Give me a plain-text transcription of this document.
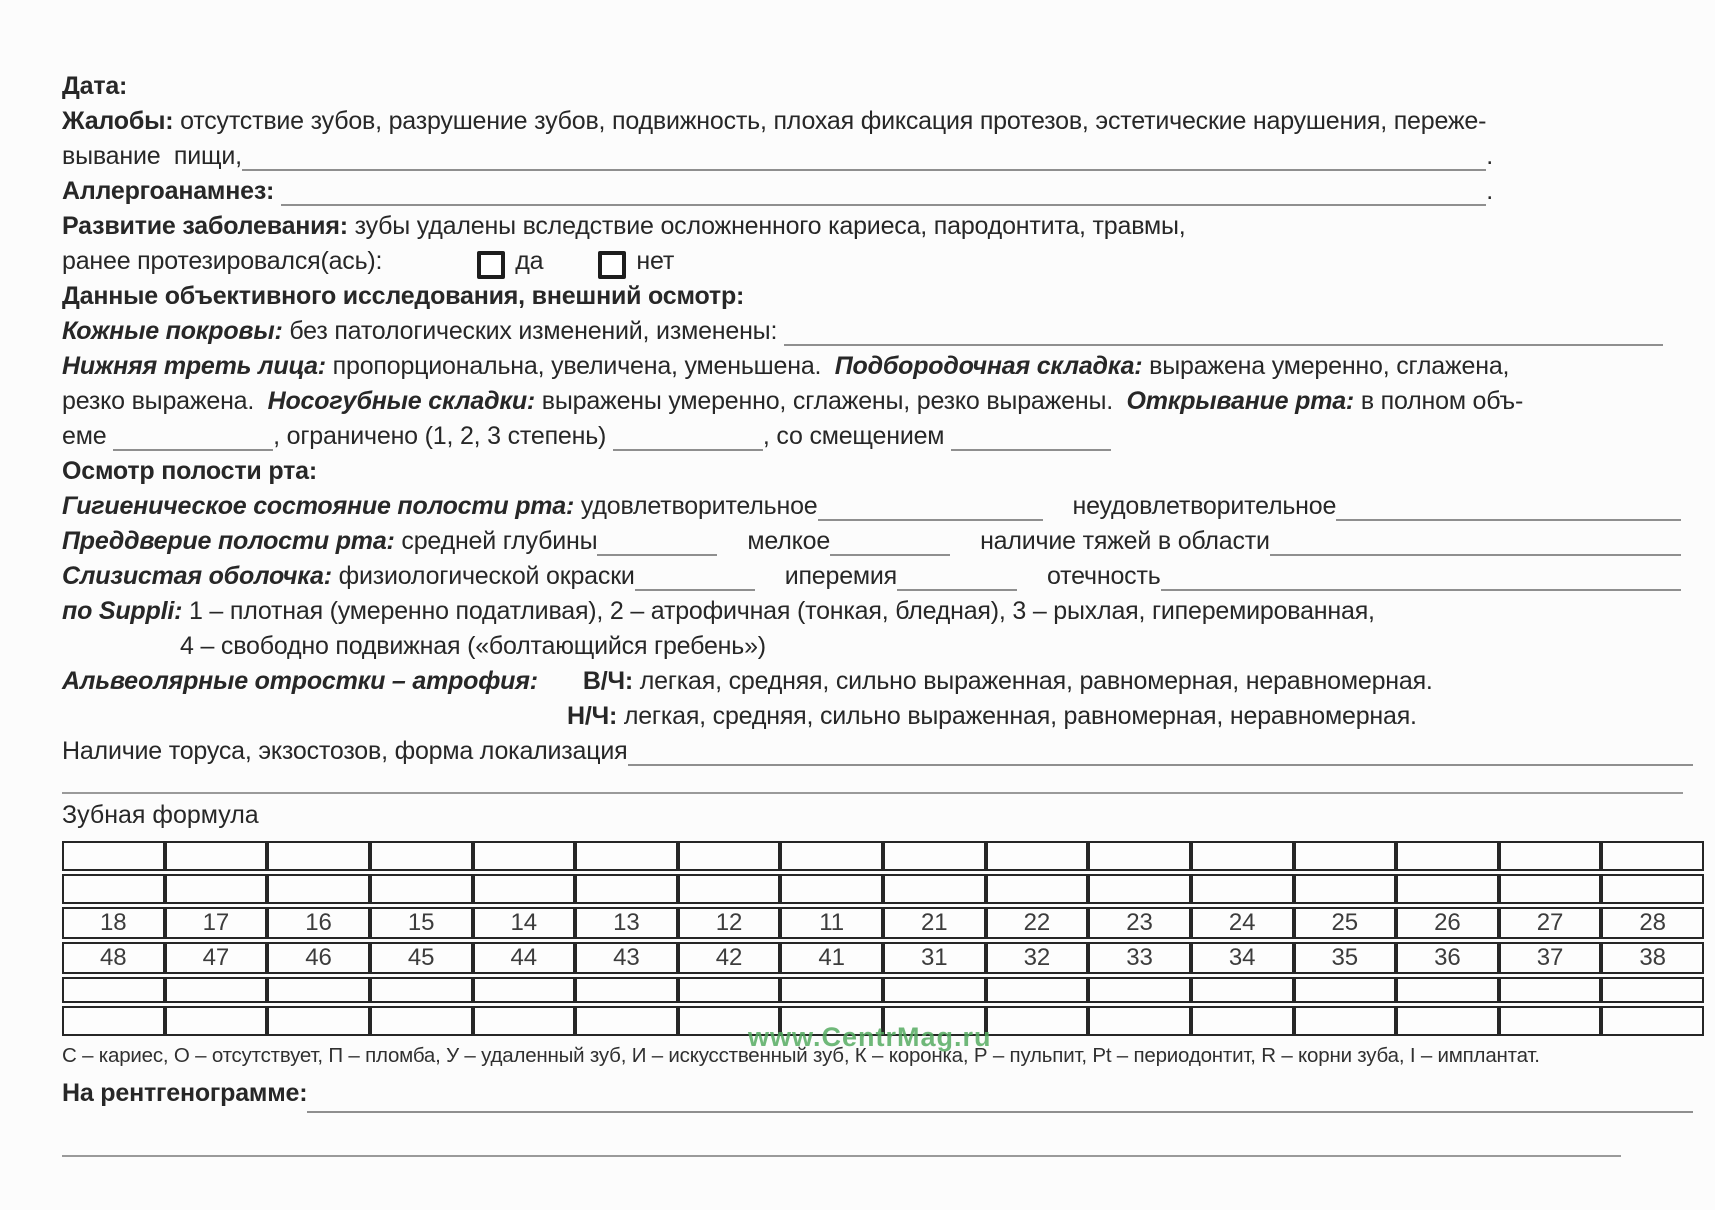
Дата:
Жалобы: отсутствие зубов, разрушение зубов, подвижность, плохая фиксация протезов, эстетические нарушения, переже-
вывание  пищи,	.
Аллергоанамнез:	.
Развитие заболевания: зубы удалены вследствие осложненного кариеса, пародонтита, травмы,
ранее протезировался(ась):	да	нет
Данные объективного исследования, внешний осмотр:
Кожные покровы: без патологических изменений, изменены:
Нижняя треть лица: пропорциональна, увеличена, уменьшена. Подбородочная складка: выражена умеренно, сглажена,
резко выражена. Носогубные складки: выражены умеренно, сглажены, резко выражены. Открывание рта: в полном объ-
еме	, ограничено (1, 2, 3 степень)	, со смещением
Осмотр полости рта:
Гигиеническое состояние полости рта: удовлетворительное	неудовлетворительное
Преддверие полости рта: средней глубины	мелкое	наличие тяжей в области
Слизистая оболочка: физиологической окраски	иперемия	отечность
по Suppli: 1 – плотная (умеренно податливая), 2 – атрофичная (тонкая, бледная), 3 – рыхлая, гиперемированная,
4 – свободно подвижная («болтающийся гребень»)
Альвеолярные отростки – атрофия: В/Ч: легкая, средняя, сильно выраженная, равномерная, неравномерная.
Н/Ч: легкая, средняя, сильно выраженная, равномерная, неравномерная.
Наличие торуса, экзостозов, форма локализация
Зубная формула

18	17	16	15	14	13	12	11	21	22	23	24	25	26	27	28
48	47	46	45	44	43	42	41	31	32	33	34	35	36	37	38

С – кариес, О – отсутствует, П – пломба, У – удаленный зуб, И – искусственный зуб, К – коронка, Р – пульпит, Pt – периодонтит, R – корни зуба, I – имплантат.
На рентгенограмме:
www.CentrMag.ru
